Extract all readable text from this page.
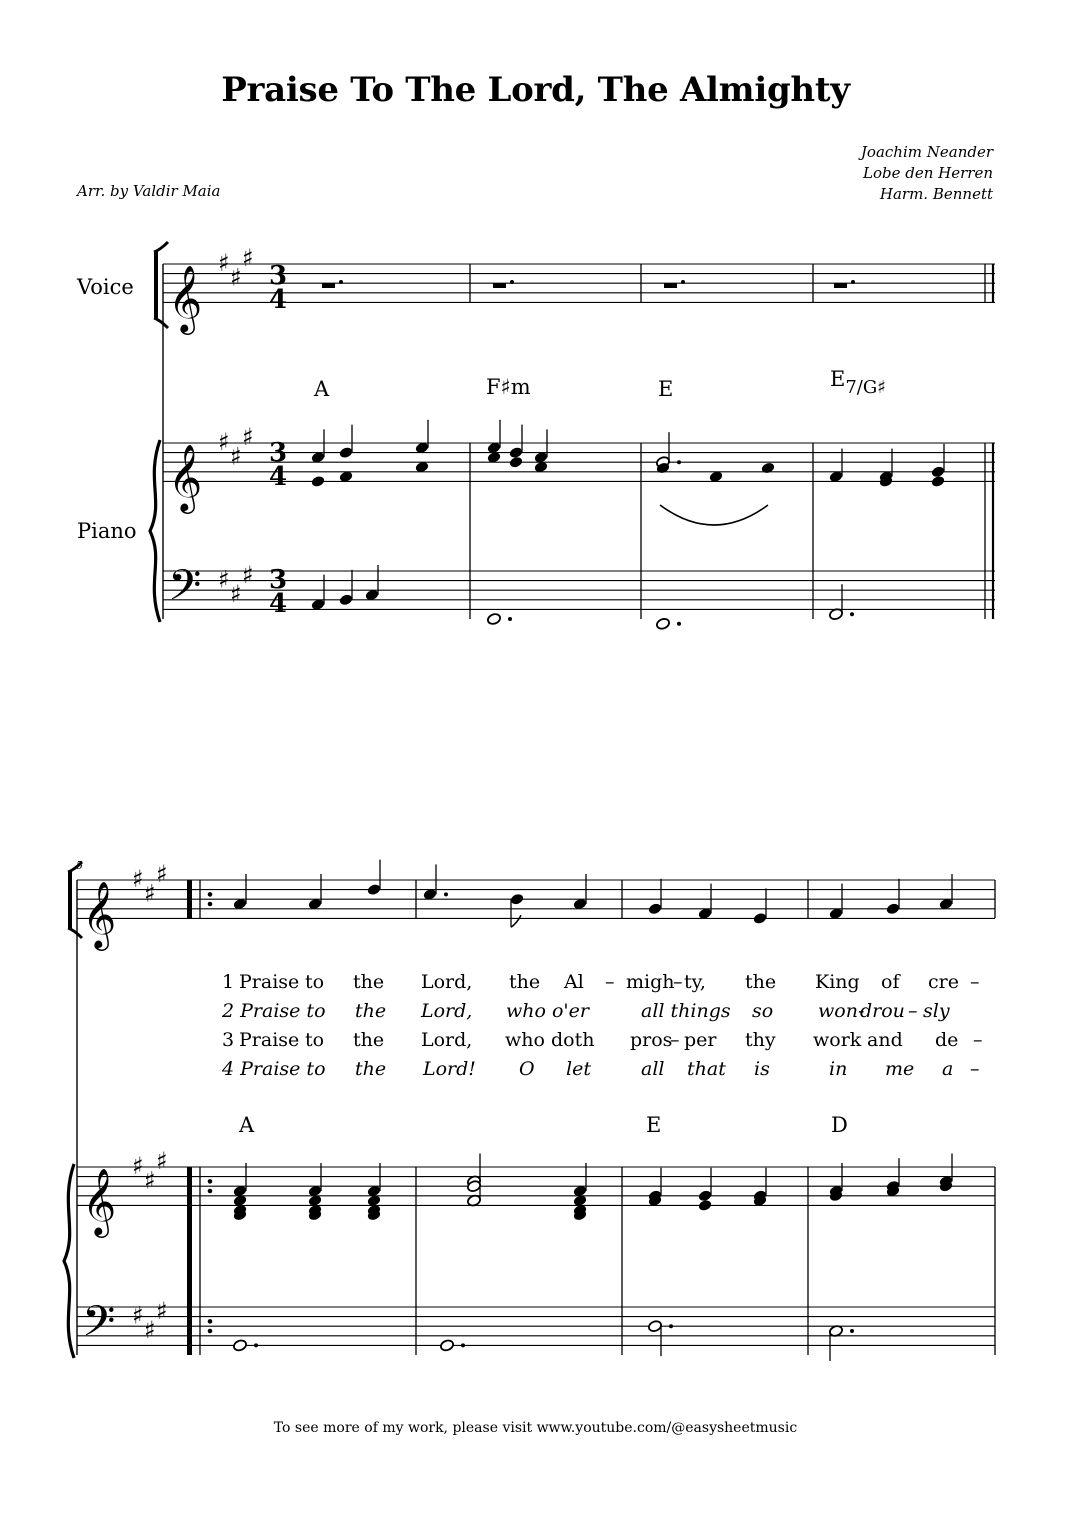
Praise To The Lord, The Almighty
Joachim Neander
Lobe den Herren
Harm. Bennett
Arr. by Valdir Maia
Voice
Piano
5
To see more of my work, please visit www.youtube.com/@easysheetmusic
𝄞
𝄞
𝄢
𝄞
𝄞
𝄢
♯
♯
♯
♯
♯
♯
♯
♯
♯
♯
♯
♯
♯
♯
♯
♯
♯
♯
3
4
3
4
3
4
A	F♯m	E	E7/G♯
A	E	D
1 Praise to the Lord, the Al – migh
– ty, the King of cre –
2 Praise to the Lord, who o'er	all things so won-
drou – sly
3 Praise to the Lord, who doth pros
– per thy work and de –
4 Praise to the Lord! O let	all that is	in me a –
